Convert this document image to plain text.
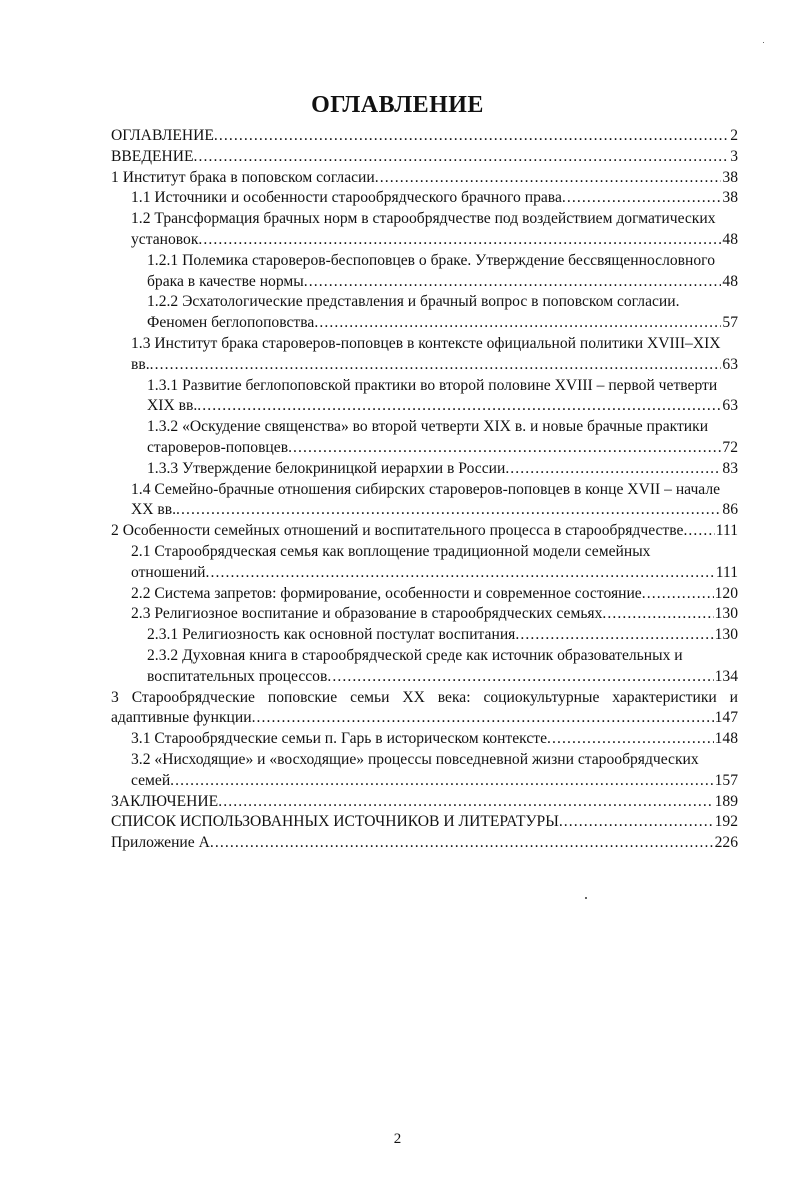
ОГЛАВЛЕНИЕ
ОГЛАВЛЕНИЕ . . .	2
ВВЕДЕНИЕ . . .	3
1 Институт брака в поповском согласии . . .	38
1.1 Источники и особенности старообрядческого брачного права . . .	38
1.2 Трансформация брачных норм в старообрядчестве под воздействием догматических
установок . . .	48
1.2.1 Полемика староверов-беспоповцев о браке. Утверждение бессвященнословного
брака в качестве нормы . . .	48
1.2.2 Эсхатологические представления и брачный вопрос в поповском согласии.
Феномен беглопоповства . . .	57
1.3 Институт брака староверов-поповцев в контексте официальной политики XVIII–XIX
вв. . . .	63
1.3.1 Развитие беглопоповской практики во второй половине XVIII – первой четверти
XIX вв. . . .	63
1.3.2 «Оскудение священства» во второй четверти XIX в. и новые брачные практики
староверов-поповцев . . .	72
1.3.3 Утверждение белокриницкой иерархии в России . . .	83
1.4 Семейно-брачные отношения сибирских староверов-поповцев в конце XVII – начале
XX вв. . . .	86
2 Особенности семейных отношений и воспитательного процесса в старообрядчестве . . . 111
2.1 Старообрядческая семья как воплощение традиционной модели семейных
отношений . . .	111
2.2 Система запретов: формирование, особенности и современное состояние . . .	120
2.3 Религиозное воспитание и образование в старообрядческих семьях . . .	130
2.3.1 Религиозность как основной постулат воспитания . . .	130
2.3.2 Духовная книга в старообрядческой среде как источник образовательных и
воспитательных процессов . . .	134
3 Старообрядческие поповские семьи XX века: социокультурные характеристики и
адаптивные функции . . .	147
3.1 Старообрядческие семьи п. Гарь в историческом контексте . . .	148
3.2 «Нисходящие» и «восходящие» процессы повседневной жизни старообрядческих
семей . . .	157
ЗАКЛЮЧЕНИЕ . . .	189
СПИСОК ИСПОЛЬЗОВАННЫХ ИСТОЧНИКОВ И ЛИТЕРАТУРЫ . . .	192
Приложение А . . .	226
2
